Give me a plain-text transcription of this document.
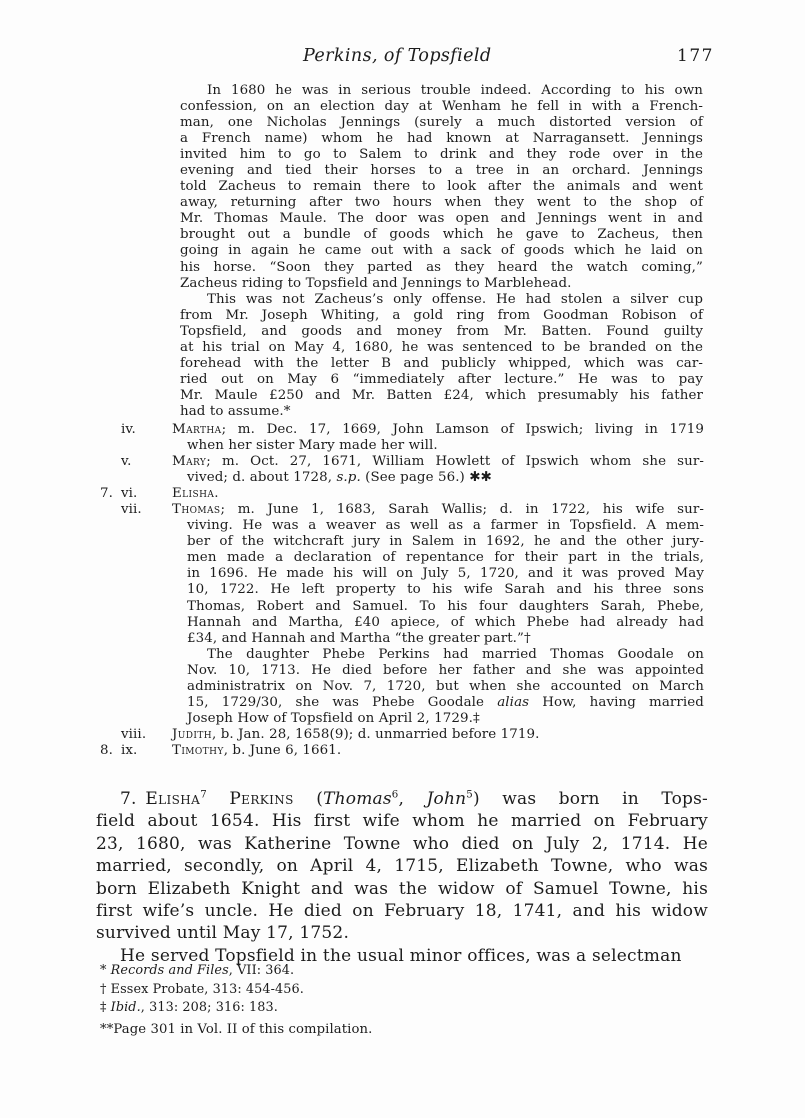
Perkins, of Topsfield	177
In 1680 he was in serious trouble indeed. According to his own
confession, on an election day at Wenham he fell in with a French-
man, one Nicholas Jennings (surely a much distorted version of
a French name) whom he had known at Narragansett. Jennings
invited him to go to Salem to drink and they rode over in the
evening and tied their horses to a tree in an orchard. Jennings
told Zacheus to remain there to look after the animals and went
away, returning after two hours when they went to the shop of
Mr. Thomas Maule. The door was open and Jennings went in and
brought out a bundle of goods which he gave to Zacheus, then
going in again he came out with a sack of goods which he laid on
his horse. “Soon they parted as they heard the watch coming,”
Zacheus riding to Topsfield and Jennings to Marblehead.
This was not Zacheus’s only offense. He had stolen a silver cup
from Mr. Joseph Whiting, a gold ring from Goodman Robison of
Topsfield, and goods and money from Mr. Batten. Found guilty
at his trial on May 4, 1680, he was sentenced to be branded on the
forehead with the letter B and publicly whipped, which was car-
ried out on May 6 “immediately after lecture.” He was to pay
Mr. Maule £250 and Mr. Batten £24, which presumably his father
had to assume.*
iv.	Martha; m. Dec. 17, 1669, John Lamson of Ipswich; living in 1719
when her sister Mary made her will.
v.	Mary; m. Oct. 27, 1671, William Howlett of Ipswich whom she sur-
vived; d. about 1728, s.p. (See page 56.) ✱✱
7. vi.	Elisha.
vii. Thomas; m. June 1, 1683, Sarah Wallis; d. in 1722, his wife sur-
viving. He was a weaver as well as a farmer in Topsfield. A mem-
ber of the witchcraft jury in Salem in 1692, he and the other jury-
men made a declaration of repentance for their part in the trials,
in 1696. He made his will on July 5, 1720, and it was proved May
10, 1722. He left property to his wife Sarah and his three sons
Thomas, Robert and Samuel. To his four daughters Sarah, Phebe,
Hannah and Martha, £40 apiece, of which Phebe had already had
£34, and Hannah and Martha “the greater part.”†
The daughter Phebe Perkins had married Thomas Goodale on
Nov. 10, 1713. He died before her father and she was appointed
administratrix on Nov. 7, 1720, but when she accounted on March
15, 1729/30, she was Phebe Goodale alias How, having married
Joseph How of Topsfield on April 2, 1729.‡
viii. Judith, b. Jan. 28, 1658(9); d. unmarried before 1719.
8. ix.	Timothy, b. June 6, 1661.
7. Elisha$^7$ Perkins (Thomas$^6$, John$^5$) was born in Tops-
field about 1654. His first wife whom he married on February
23, 1680, was Katherine Towne who died on July 2, 1714. He
married, secondly, on April 4, 1715, Elizabeth Towne, who was
born Elizabeth Knight and was the widow of Samuel Towne, his
first wife’s uncle. He died on February 18, 1741, and his widow
survived until May 17, 1752.
He served Topsfield in the usual minor offices, was a selectman
* Records and Files, VII: 364.
† Essex Probate, 313: 454-456.
‡ Ibid., 313: 208; 316: 183.
**Page 301 in Vol. II of this compilation.
